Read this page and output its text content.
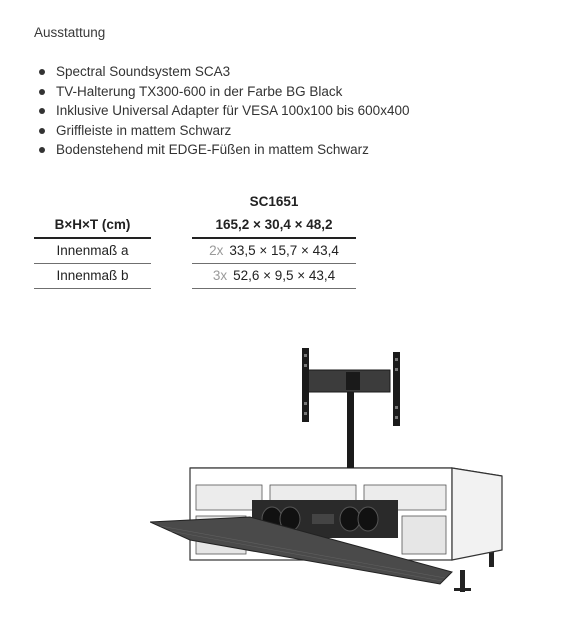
Ausstattung
Spectral Soundsystem SCA3
TV-Halterung TX300-600 in der Farbe BG Black
Inklusive Universal Adapter für VESA 100x100 bis 600x400
Griffleiste in mattem Schwarz
Bodenstehend mit EDGE-Füßen in mattem Schwarz
B×H×T (cm)
Innenmaß a
Innenmaß b
SC1651
165,2 × 30,4 × 48,2
2x 33,5 × 15,7 × 43,4
3x 52,6 × 9,5 × 43,4
